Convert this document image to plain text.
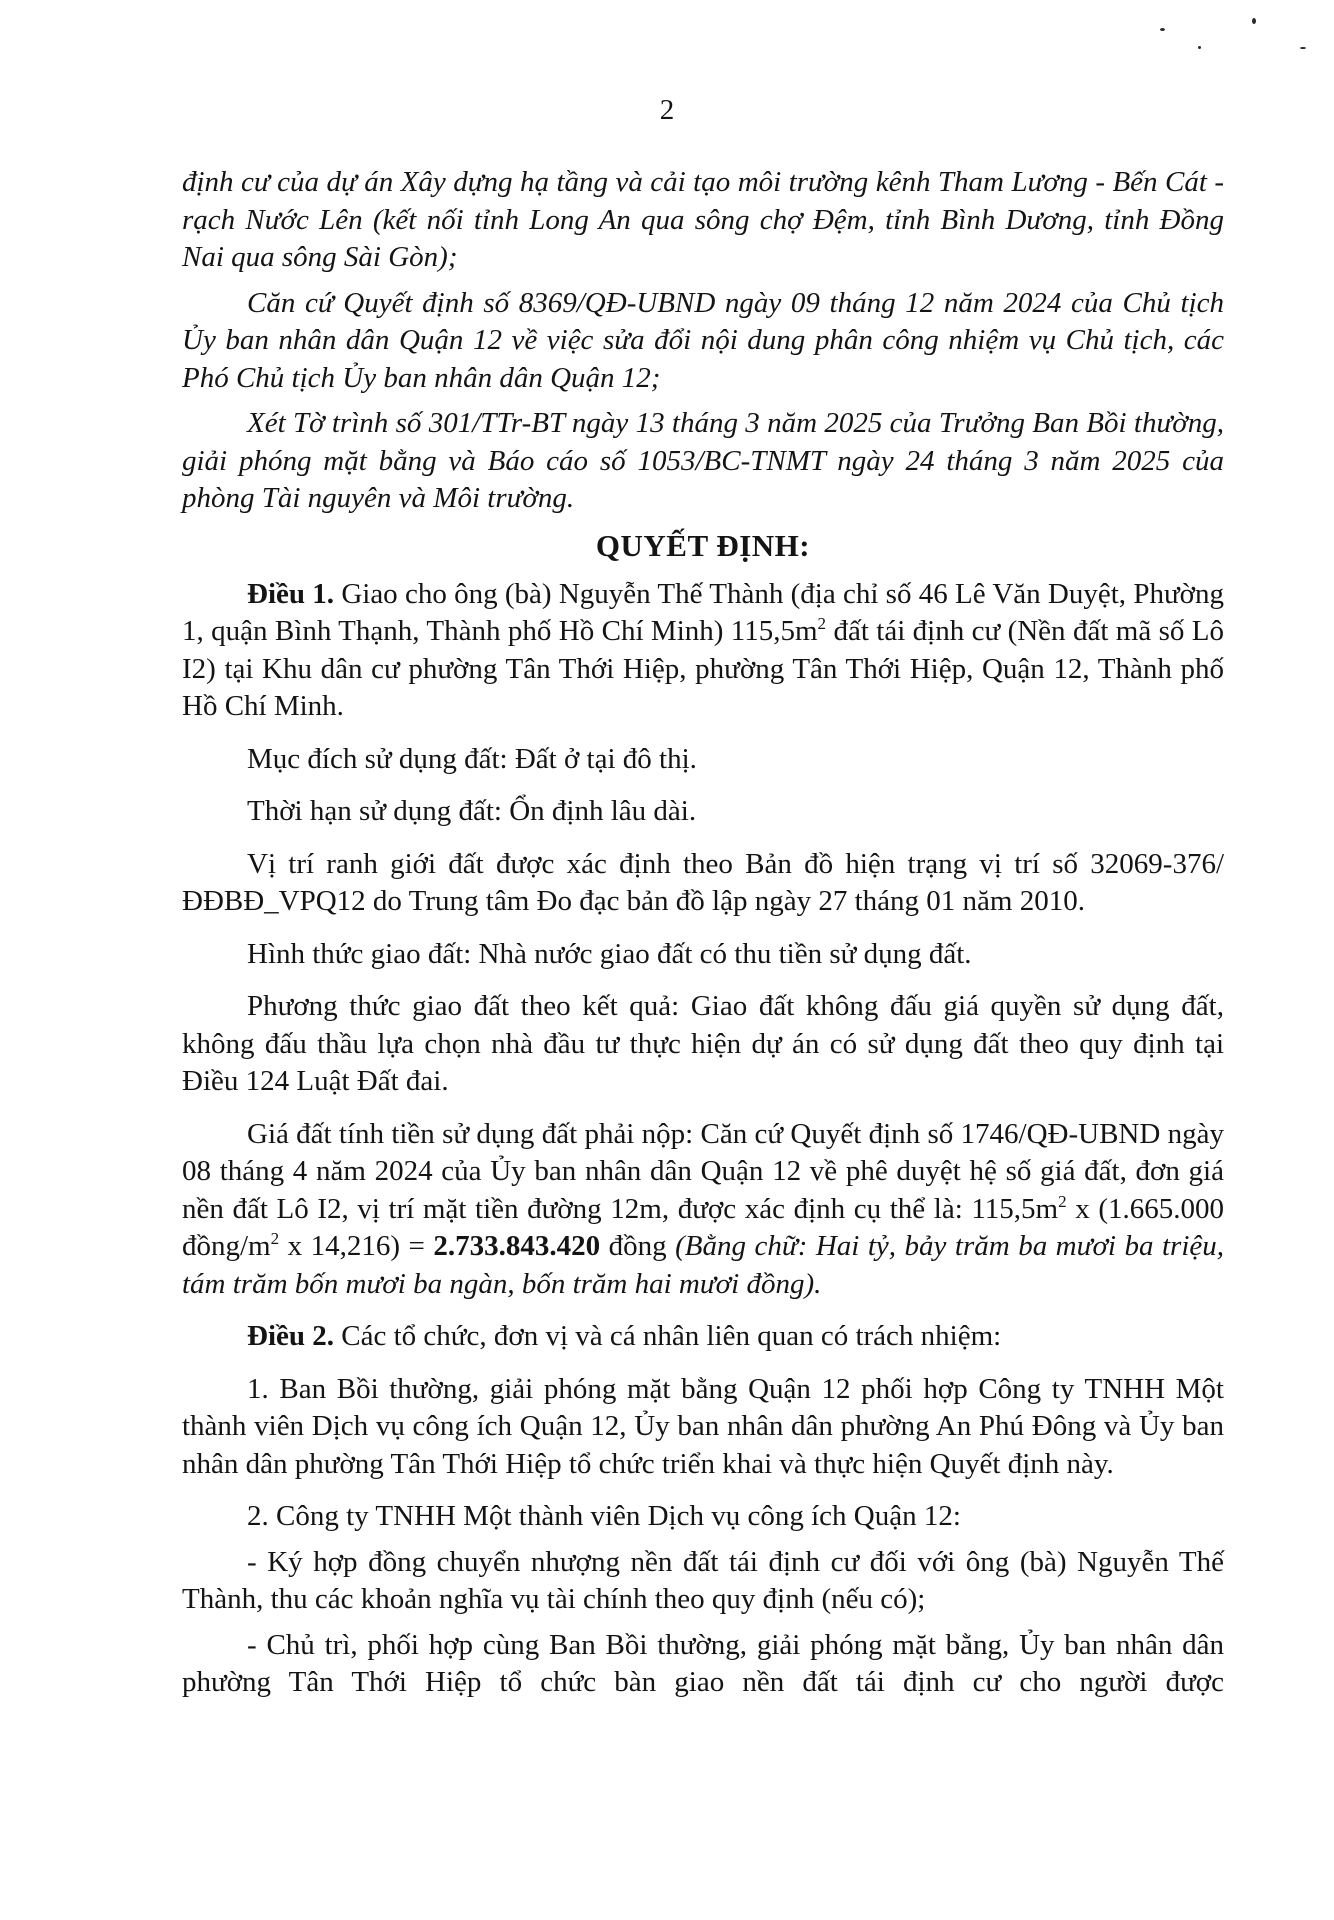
2

định cư của dự án Xây dựng hạ tầng và cải tạo môi trường kênh Tham Lương - Bến Cát - rạch Nước Lên (kết nối tỉnh Long An qua sông chợ Đệm, tỉnh Bình Dương, tỉnh Đồng Nai qua sông Sài Gòn);

Căn cứ Quyết định số 8369/QĐ-UBND ngày 09 tháng 12 năm 2024 của Chủ tịch Ủy ban nhân dân Quận 12 về việc sửa đổi nội dung phân công nhiệm vụ Chủ tịch, các Phó Chủ tịch Ủy ban nhân dân Quận 12;

Xét Tờ trình số 301/TTr-BT ngày 13 tháng 3 năm 2025 của Trưởng Ban Bồi thường, giải phóng mặt bằng và Báo cáo số 1053/BC-TNMT ngày 24 tháng 3 năm 2025 của phòng Tài nguyên và Môi trường.

QUYẾT ĐỊNH:

Điều 1. Giao cho ông (bà) Nguyễn Thế Thành (địa chỉ số 46 Lê Văn Duyệt, Phường 1, quận Bình Thạnh, Thành phố Hồ Chí Minh) $115,5m^2$ đất tái định cư (Nền đất mã số Lô I2) tại Khu dân cư phường Tân Thới Hiệp, phường Tân Thới Hiệp, Quận 12, Thành phố Hồ Chí Minh.

Mục đích sử dụng đất: Đất ở tại đô thị.

Thời hạn sử dụng đất: Ổn định lâu dài.

Vị trí ranh giới đất được xác định theo Bản đồ hiện trạng vị trí số 32069-376/ĐĐBĐ_VPQ12 do Trung tâm Đo đạc bản đồ lập ngày 27 tháng 01 năm 2010.

Hình thức giao đất: Nhà nước giao đất có thu tiền sử dụng đất.

Phương thức giao đất theo kết quả: Giao đất không đấu giá quyền sử dụng đất, không đấu thầu lựa chọn nhà đầu tư thực hiện dự án có sử dụng đất theo quy định tại Điều 124 Luật Đất đai.

Giá đất tính tiền sử dụng đất phải nộp: Căn cứ Quyết định số 1746/QĐ-UBND ngày 08 tháng 4 năm 2024 của Ủy ban nhân dân Quận 12 về phê duyệt hệ số giá đất, đơn giá nền đất Lô I2, vị trí mặt tiền đường 12m, được xác định cụ thể là: $115,5m^2$ x (1.665.000 đồng/$m^2$ x 14,216) = 2.733.843.420 đồng (Bằng chữ: Hai tỷ, bảy trăm ba mươi ba triệu, tám trăm bốn mươi ba ngàn, bốn trăm hai mươi đồng).

Điều 2. Các tổ chức, đơn vị và cá nhân liên quan có trách nhiệm:

1. Ban Bồi thường, giải phóng mặt bằng Quận 12 phối hợp Công ty TNHH Một thành viên Dịch vụ công ích Quận 12, Ủy ban nhân dân phường An Phú Đông và Ủy ban nhân dân phường Tân Thới Hiệp tổ chức triển khai và thực hiện Quyết định này.

2. Công ty TNHH Một thành viên Dịch vụ công ích Quận 12:

- Ký hợp đồng chuyển nhượng nền đất tái định cư đối với ông (bà) Nguyễn Thế Thành, thu các khoản nghĩa vụ tài chính theo quy định (nếu có);

- Chủ trì, phối hợp cùng Ban Bồi thường, giải phóng mặt bằng, Ủy ban nhân dân phường Tân Thới Hiệp tổ chức bàn giao nền đất tái định cư cho người được
